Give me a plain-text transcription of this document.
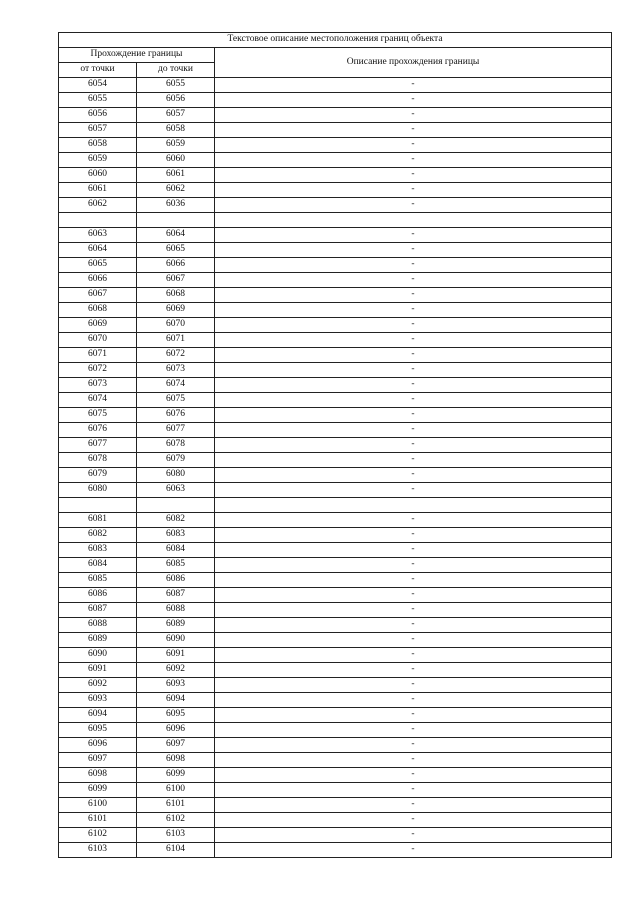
Текстовое описание местоположения границ объекта		
Прохождение границы		Описание прохождения границы
от точки	до точки	
6054	6055	-
6055	6056	-
6056	6057	-
6057	6058	-
6058	6059	-
6059	6060	-
6060	6061	-
6061	6062	-
6062	6036	-

6063	6064	-
6064	6065	-
6065	6066	-
6066	6067	-
6067	6068	-
6068	6069	-
6069	6070	-
6070	6071	-
6071	6072	-
6072	6073	-
6073	6074	-
6074	6075	-
6075	6076	-
6076	6077	-
6077	6078	-
6078	6079	-
6079	6080	-
6080	6063	-

6081	6082	-
6082	6083	-
6083	6084	-
6084	6085	-
6085	6086	-
6086	6087	-
6087	6088	-
6088	6089	-
6089	6090	-
6090	6091	-
6091	6092	-
6092	6093	-
6093	6094	-
6094	6095	-
6095	6096	-
6096	6097	-
6097	6098	-
6098	6099	-
6099	6100	-
6100	6101	-
6101	6102	-
6102	6103	-
6103	6104	-
